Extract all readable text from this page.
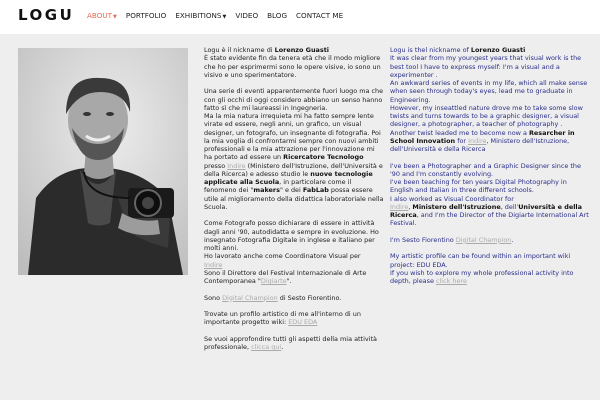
LOGU ABOUT▼ PORTFOLIO EXHIBITIONS▼ VIDEO BLOG CONTACT ME

Logu è il nickname di Lorenzo Guasti
È stato evidente fin da tenera età che il modo migliore che ho per esprimermi sono le opere visive, io sono un visivo e uno sperimentatore.

Una serie di eventi apparentemente fuori luogo ma che con gli occhi di oggi considero abbiano un senso hanno fatto sì che mi laureassi in Ingegneria.

Ma la mia natura irrequieta mi ha fatto sempre lente virate ed essere, negli anni, un grafico, un visual designer, un fotografo, un insegnante di fotografia. Poi la mia voglia di confrontarmi sempre con nuovi ambiti professionali e la mia attrazione per l'innovazione mi ha portato ad essere un Ricercatore Tecnologo presso Indire (Ministero dell'Istruzione, dell'Università e della Ricerca) e adesso studio le nuove tecnologie applicate alla Scuola, in particolare come il fenomeno dei "makers" e dei FabLab possa essere utile al miglioramento della didattica laboratoriale nella Scuola.

Come Fotografo posso dichiarare di essere in attività dagli anni '90, autodidatta e sempre in evoluzione. Ho insegnato Fotografia Digitale in inglese e italiano per molti anni.

Ho lavorato anche come Coordinatore Visual per
Indire
Sono il Direttore del Festival Internazionale di Arte Contemporanea "Digiarte".

Sono Digital Champion di Sesto Fiorentino.

Trovate un profilo artistico di me all'interno di un importante progetto wiki: EDU EDA

Se vuoi approfondire tutti gli aspetti della mia attività professionale, clicca qui.

Logu is thel nickname of Lorenzo Guasti
It was clear from my youngest years that visual work is the best tool I have to express myself: I'm a visual and a experimenter .

An awkward series of events in my life, which all make sense when seen through today's eyes, lead me to graduate in Engineering.

However, my inseattled nature drove me to take some slow twists and turns towards to be a graphic designer, a visual designer, a photographer, a teacher of photography .

Another twist leaded me to become now a Resarcher in School Innovation for Indire, Ministero dell'Istruzione, dell'Università e della Ricerca

I've been a Photographer and a Graphic Designer since the '90 and I'm constantly evolving.

I've been teaching for ten years Digital Photography in English and Italian in three different schools.

I also worked as Visual Coordinator for
Indire, Ministero dell'Istruzione, dell'Università e della Ricerca, and I'm the Director of the Digiarte International Art Festival.

I'm Sesto Fiorentino Digital Champion.

My artistic profile can be found within an important wiki project: EDU EDA.

If you wish to explore my whole professional activity into depth, please click here
